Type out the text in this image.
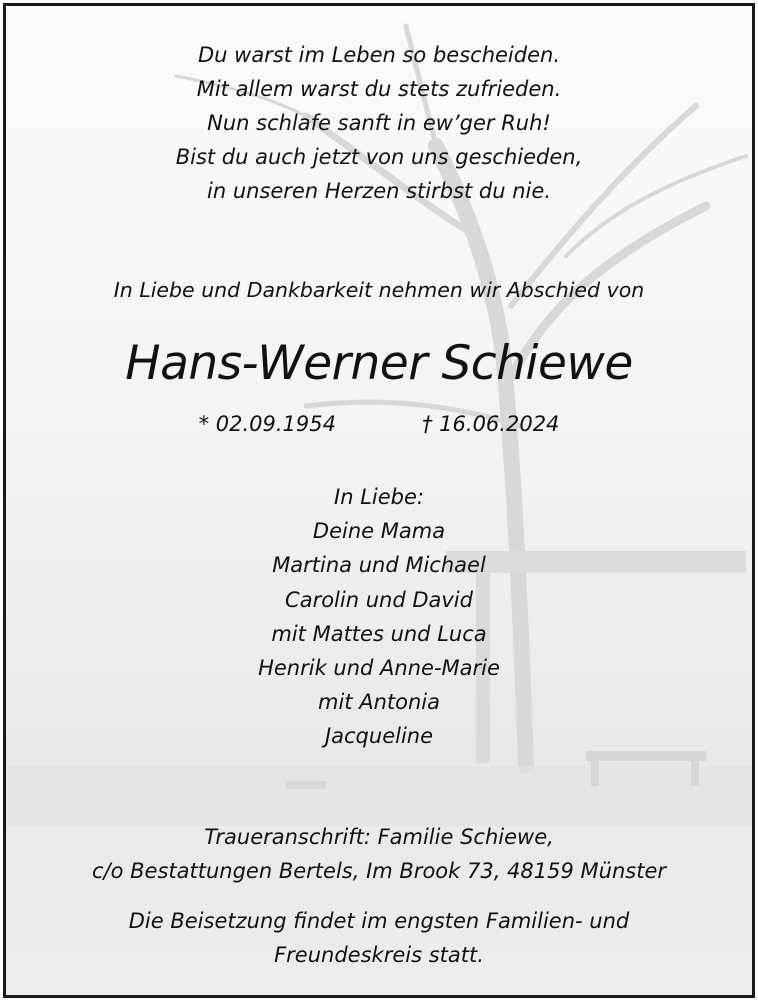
Du warst im Leben so bescheiden.
Mit allem warst du stets zufrieden.
Nun schlafe sanft in ew’ger Ruh!
Bist du auch jetzt von uns geschieden,
in unseren Herzen stirbst du nie.
In Liebe und Dankbarkeit nehmen wir Abschied von
Hans-Werner Schiewe
* 02.09.1954	† 16.06.2024
In Liebe:
Deine Mama
Martina und Michael
Carolin und David
mit Mattes und Luca
Henrik und Anne-Marie
mit Antonia
Jacqueline
Traueranschrift: Familie Schiewe,
c/o Bestattungen Bertels, Im Brook 73, 48159 Münster
Die Beisetzung findet im engsten Familien- und
Freundeskreis statt.
